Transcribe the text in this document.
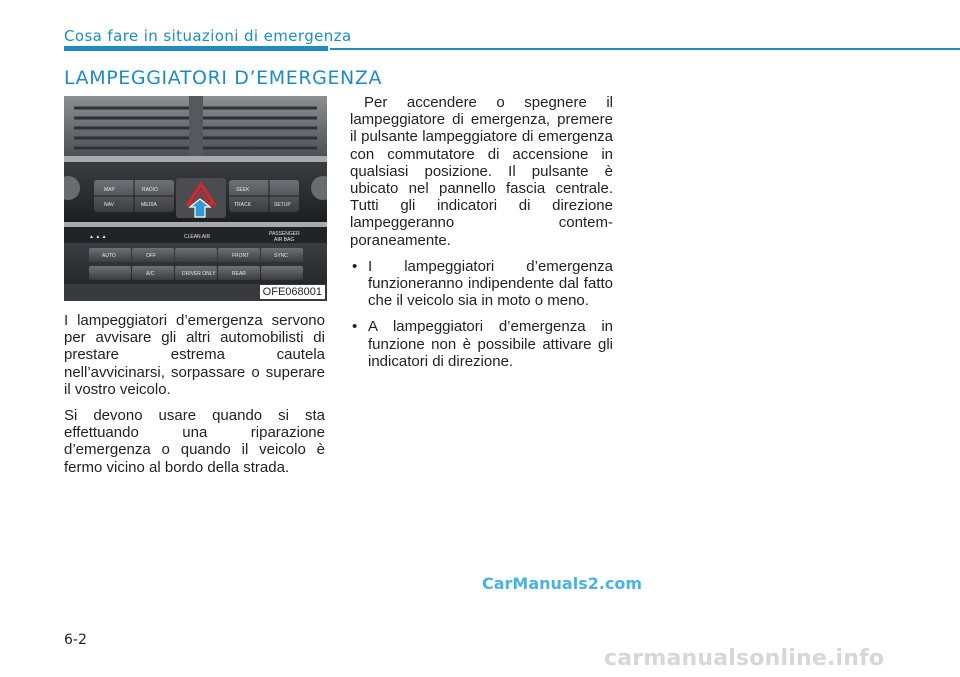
Cosa fare in situazioni di emergenza
LAMPEGGIATORI D’EMERGENZA
MAP	RADIO
NAV	MEDIA
SEEK
TRACK	SETUP
▲ ▲ ▲	CLEAN AIR	PASSENGER
AIR BAG
AUTO	OFF	FRONT	SYNC
A/C	DRIVER ONLY	REAR
OFE068001

I lampeggiatori d’emergenza servono per avvisare gli altri automobilisti di prestare estrema cautela nell’avvicinarsi, sorpassare o superare il vostro veicolo.

Si devono usare quando si sta effettuando una riparazione d’emergenza o quando il veicolo è fermo vicino al bordo della strada.

Per accendere o spegnere il lampeggiatore di emergenza, premere il pulsante lampeggiatore di emergenza con commutatore di accensione in qualsiasi posizione. Il pulsante è ubicato nel pannello fascia centrale. Tutti gli indicatori di direzione lampeggeranno contem-poraneamente.

• I lampeggiatori d’emergenza funzioneranno indipendente dal fatto che il veicolo sia in moto o meno.
• A lampeggiatori d’emergenza in funzione non è possibile attivare gli indicatori di direzione.
CarManuals2.com
6-2
carmanualsonline.info
